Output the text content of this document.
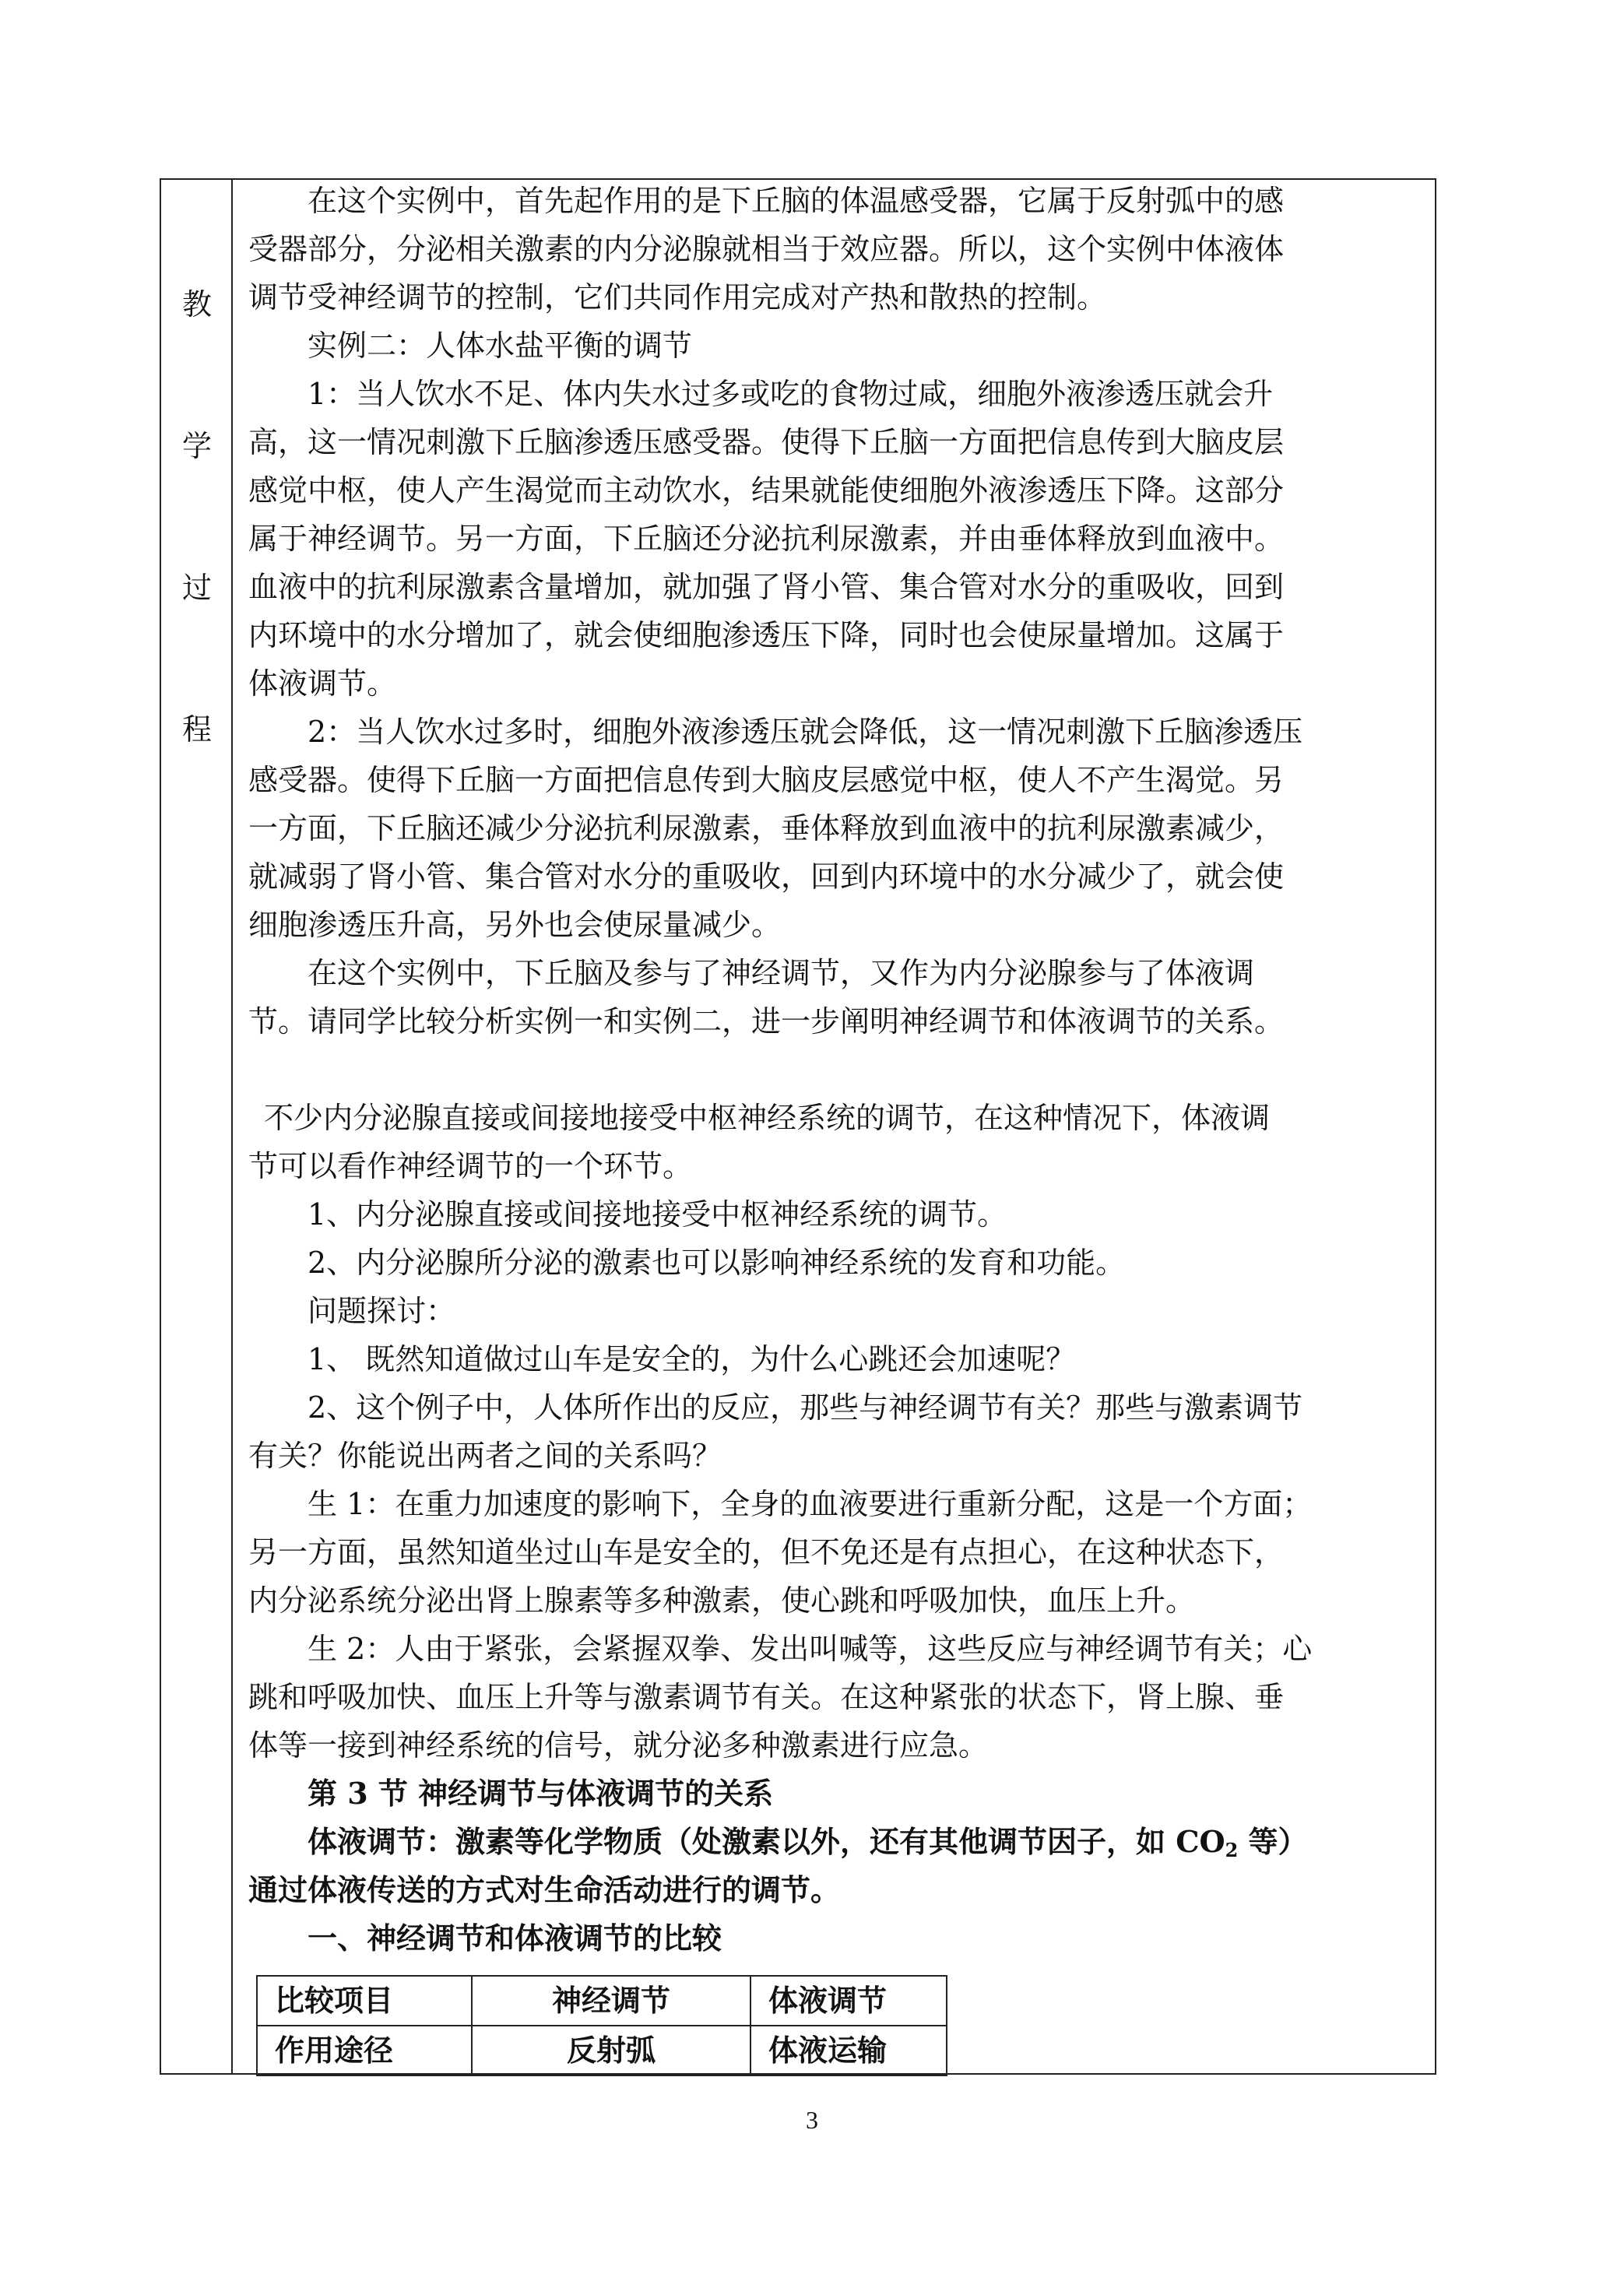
教
学
过
程
在这个实例中，首先起作用的是下丘脑的体温感受器，它属于反射弧中的感
受器部分，分泌相关激素的内分泌腺就相当于效应器。所以，这个实例中体液体
调节受神经调节的控制，它们共同作用完成对产热和散热的控制。
实例二：人体水盐平衡的调节
1：当人饮水不足、体内失水过多或吃的食物过咸，细胞外液渗透压就会升
高，这一情况刺激下丘脑渗透压感受器。使得下丘脑一方面把信息传到大脑皮层
感觉中枢，使人产生渴觉而主动饮水，结果就能使细胞外液渗透压下降。这部分
属于神经调节。另一方面，下丘脑还分泌抗利尿激素，并由垂体释放到血液中。
血液中的抗利尿激素含量增加，就加强了肾小管、集合管对水分的重吸收，回到
内环境中的水分增加了，就会使细胞渗透压下降，同时也会使尿量增加。这属于
体液调节。
2：当人饮水过多时，细胞外液渗透压就会降低，这一情况刺激下丘脑渗透压
感受器。使得下丘脑一方面把信息传到大脑皮层感觉中枢，使人不产生渴觉。另
一方面，下丘脑还减少分泌抗利尿激素，垂体释放到血液中的抗利尿激素减少，
就减弱了肾小管、集合管对水分的重吸收，回到内环境中的水分减少了，就会使
细胞渗透压升高，另外也会使尿量减少。
在这个实例中，下丘脑及参与了神经调节，又作为内分泌腺参与了体液调
节。请同学比较分析实例一和实例二，进一步阐明神经调节和体液调节的关系。
不少内分泌腺直接或间接地接受中枢神经系统的调节，在这种情况下，体液调
节可以看作神经调节的一个环节。
1、内分泌腺直接或间接地接受中枢神经系统的调节。
2、内分泌腺所分泌的激素也可以影响神经系统的发育和功能。
问题探讨：
1、 既然知道做过山车是安全的，为什么心跳还会加速呢？
2、这个例子中，人体所作出的反应，那些与神经调节有关？那些与激素调节
有关？你能说出两者之间的关系吗？
生 1：在重力加速度的影响下，全身的血液要进行重新分配，这是一个方面；
另一方面，虽然知道坐过山车是安全的，但不免还是有点担心，在这种状态下，
内分泌系统分泌出肾上腺素等多种激素，使心跳和呼吸加快，血压上升。
生 2：人由于紧张，会紧握双拳、发出叫喊等，这些反应与神经调节有关；心
跳和呼吸加快、血压上升等与激素调节有关。在这种紧张的状态下，肾上腺、垂
体等一接到神经系统的信号，就分泌多种激素进行应急。
第 3 节 神经调节与体液调节的关系
体液调节：激素等化学物质（处激素以外，还有其他调节因子，如 $CO_2$ 等）
通过体液传送的方式对生命活动进行的调节。
一、神经调节和体液调节的比较
比较项目	神经调节	体液调节
作用途径	反射弧	体液运输
3
